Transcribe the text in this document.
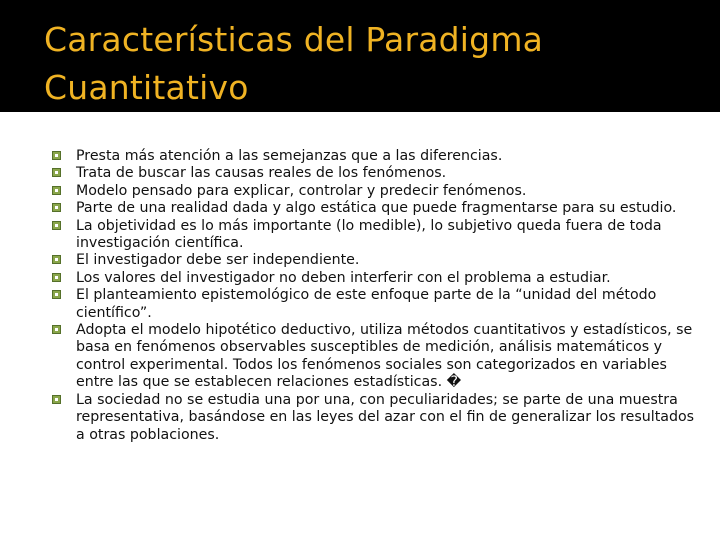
Características del Paradigma
Cuantitativo
Presta más atención a las semejanzas que a las diferencias.
Trata de buscar las causas reales de los fenómenos.
Modelo pensado para explicar, controlar y predecir fenómenos.
Parte de una realidad dada y algo estática que puede fragmentarse para su estudio.
La objetividad es lo más importante (lo medible), lo subjetivo queda fuera de toda investigación científica.
El investigador debe ser independiente.
Los valores del investigador no deben interferir con el problema a estudiar.
El planteamiento epistemológico de este enfoque parte de la “unidad del método científico”.
Adopta el modelo hipotético deductivo, utiliza métodos cuantitativos y estadísticos, se basa en fenómenos observables susceptibles de medición, análisis matemáticos y control experimental. Todos los fenómenos sociales son categorizados en variables entre las que se establecen relaciones estadísticas. �
La sociedad no se estudia una por una, con peculiaridades; se parte de una muestra representativa, basándose en las leyes del azar con el fin de generalizar los resultados a otras poblaciones.
